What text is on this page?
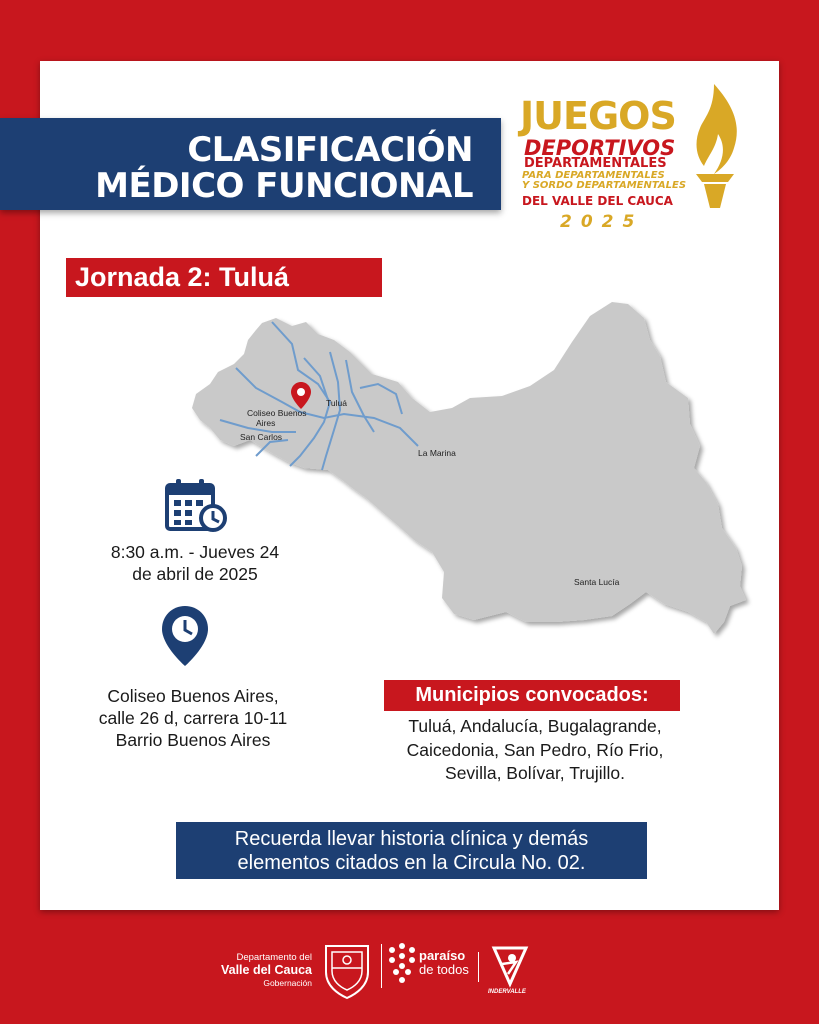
CLASIFICACIÓN
MÉDICO FUNCIONAL
JUEGOS
DEPORTIVOS
DEPARTAMENTALES
PARA DEPARTAMENTALES
Y SORDO DEPARTAMENTALES
DEL VALLE DEL CAUCA
2025
Jornada 2: Tuluá
Coliseo Buenos
Aires
Tuluá
San Carlos
La Marina
Santa Lucía
8:30 a.m. - Jueves 24
de abril de 2025
Coliseo Buenos Aires,
calle 26 d, carrera 10-11
Barrio Buenos Aires
Municipios convocados:
Tuluá, Andalucía, Bugalagrande,
Caicedonia, San Pedro, Río Frio,
Sevilla, Bolívar, Trujillo.
Recuerda llevar historia clínica y demás
elementos citados en la Circula No. 02.
Departamento del
Valle del Cauca
Gobernación
paraíso
de todos
INDERVALLE
